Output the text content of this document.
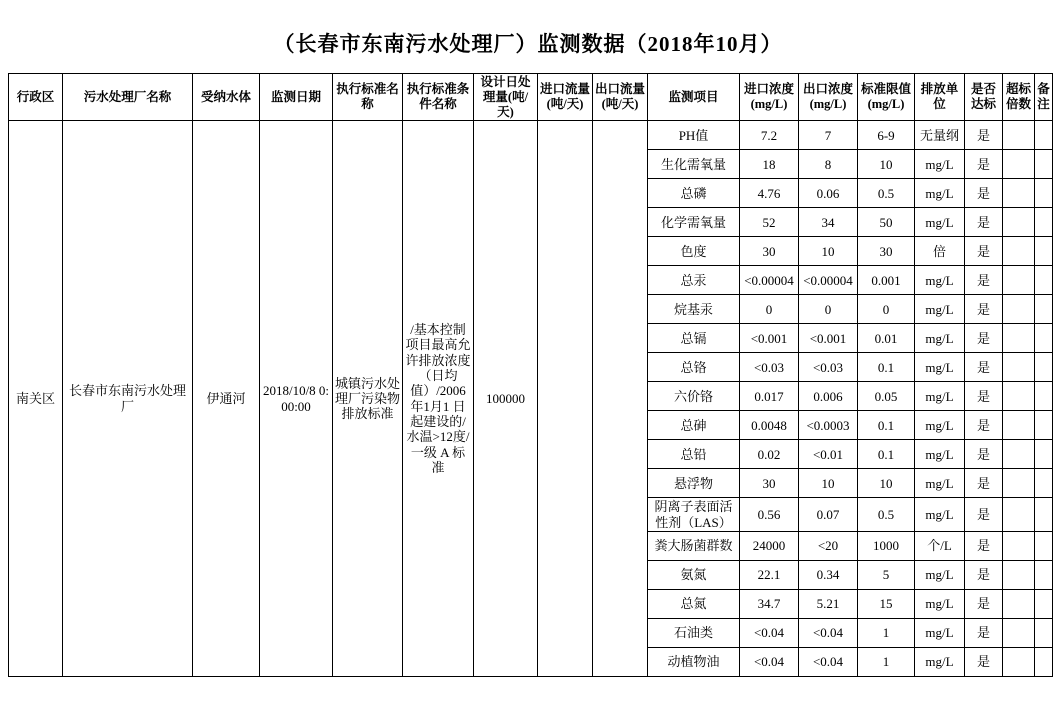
（长春市东南污水处理厂）监测数据（2018年10月）
行政区	污水处理厂名称	受纳水体	监测日期	执行标准名称	执行标准条件名称	设计日处理量(吨/天)	进口流量(吨/天)	出口流量(吨/天)	监测项目	进口浓度(mg/L)	出口浓度(mg/L)	标准限值(mg/L)	排放单位	是否达标	超标倍数	备注
南关区	长春市东南污水处理厂	伊通河	2018/10/8 0:00:00	城镇污水处理厂污染物排放标准	/基本控制项目最高允许排放浓度（日均值）/2006 年1月1 日起建设的/水温>12度/一级 A 标准	100000			PH值	7.2	7	6-9	无量纲	是		
									生化需氧量	18	8	10	mg/L	是		
									总磷	4.76	0.06	0.5	mg/L	是		
									化学需氧量	52	34	50	mg/L	是		
									色度	30	10	30	倍	是		
									总汞	<0.00004	<0.00004	0.001	mg/L	是		
									烷基汞	0	0	0	mg/L	是		
									总镉	<0.001	<0.001	0.01	mg/L	是		
									总铬	<0.03	<0.03	0.1	mg/L	是		
									六价铬	0.017	0.006	0.05	mg/L	是		
									总砷	0.0048	<0.0003	0.1	mg/L	是		
									总铅	0.02	<0.01	0.1	mg/L	是		
									悬浮物	30	10	10	mg/L	是		
									阴离子表面活性剂（LAS）	0.56	0.07	0.5	mg/L	是		
									粪大肠菌群数	24000	<20	1000	个/L	是		
									氨氮	22.1	0.34	5	mg/L	是		
									总氮	34.7	5.21	15	mg/L	是		
									石油类	<0.04	<0.04	1	mg/L	是		
									动植物油	<0.04	<0.04	1	mg/L	是		
